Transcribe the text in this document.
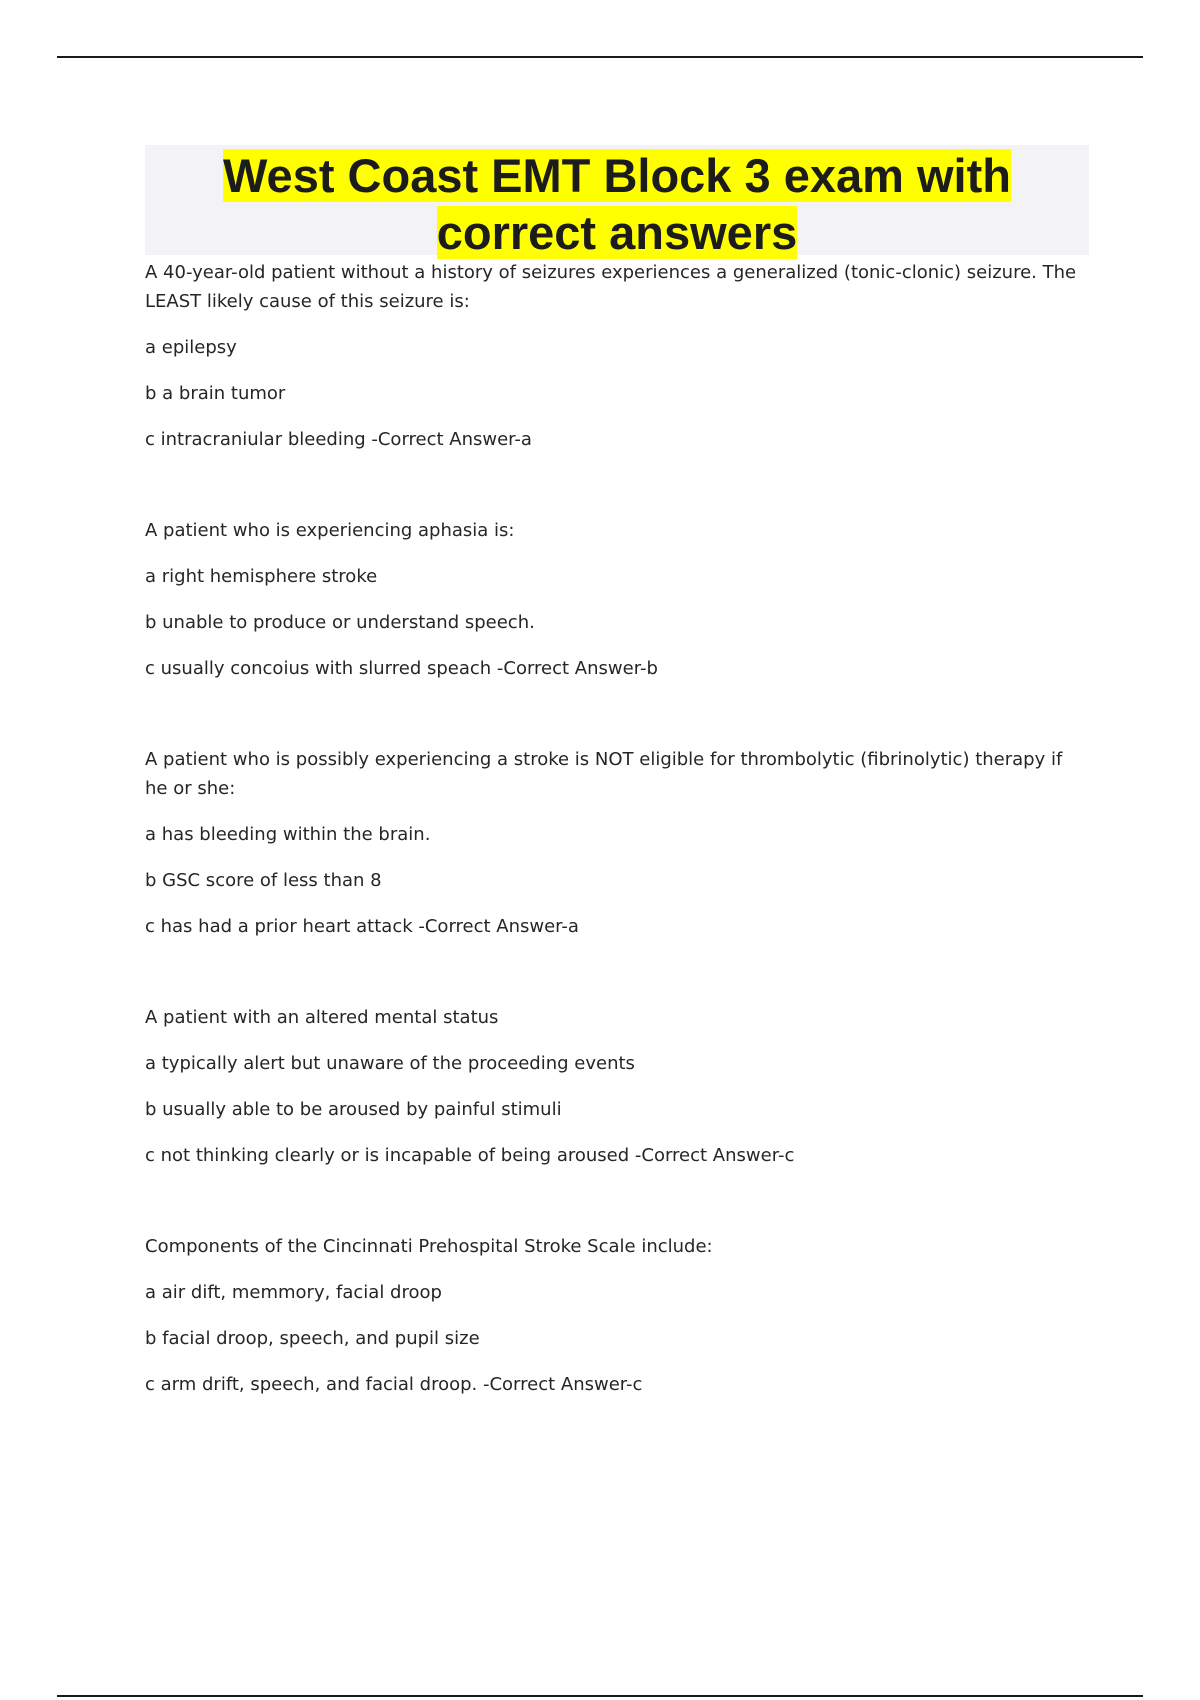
West Coast EMT Block 3 exam with correct answers

A 40-year-old patient without a history of seizures experiences a generalized (tonic-clonic) seizure. The LEAST likely cause of this seizure is:

a epilepsy

b a brain tumor

c intracraniular bleeding -Correct Answer-a

A patient who is experiencing aphasia is:

a right hemisphere stroke

b unable to produce or understand speech.

c usually concoius with slurred speach -Correct Answer-b

A patient who is possibly experiencing a stroke is NOT eligible for thrombolytic (fibrinolytic) therapy if he or she:

a has bleeding within the brain.

b GSC score of less than 8

c has had a prior heart attack -Correct Answer-a

A patient with an altered mental status

a typically alert but unaware of the proceeding events

b usually able to be aroused by painful stimuli

c not thinking clearly or is incapable of being aroused -Correct Answer-c

Components of the Cincinnati Prehospital Stroke Scale include:

a air dift, memmory, facial droop

b facial droop, speech, and pupil size

c arm drift, speech, and facial droop. -Correct Answer-c
